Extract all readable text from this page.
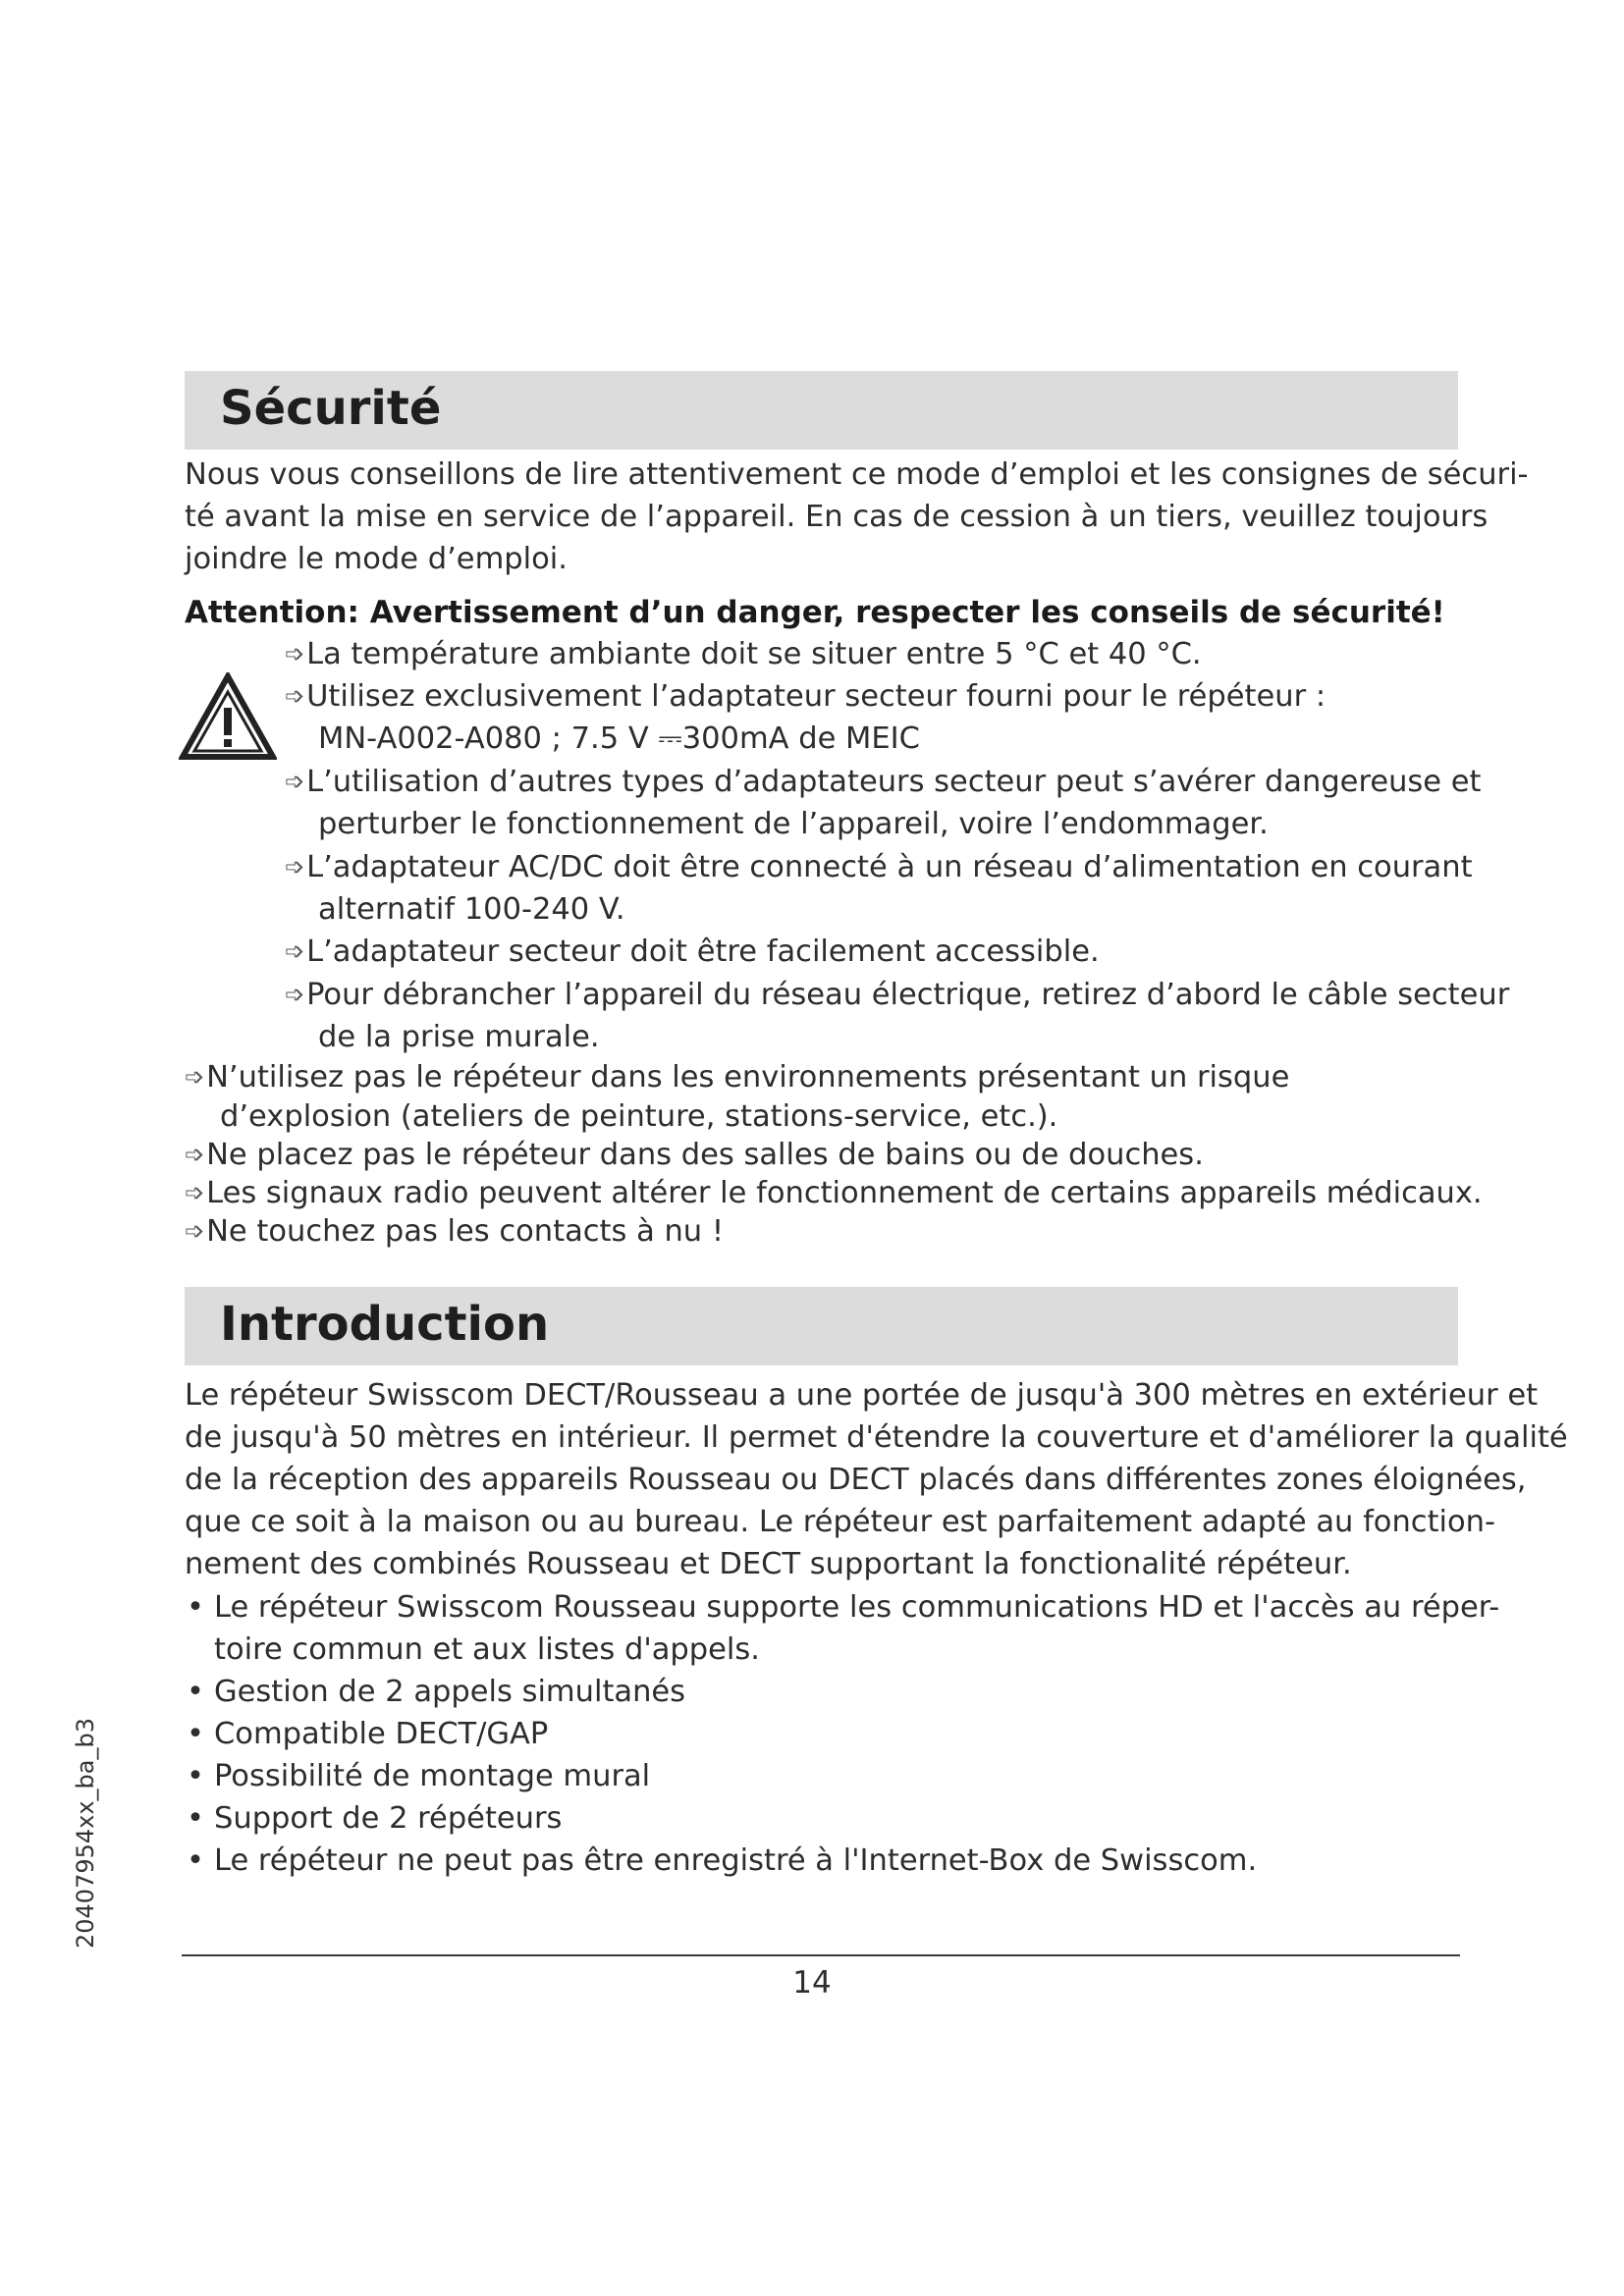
Sécurité

Nous vous conseillons de lire attentivement ce mode d’emploi et les consignes de sécuri-

té avant la mise en service de l’appareil. En cas de cession à un tiers, veuillez toujours

joindre le mode d’emploi.

Attention: Avertissement d’un danger, respecter les conseils de sécurité!
➩La température ambiante doit se situer entre 5 °C et 40 °C.
➩Utilisez exclusivement l’adaptateur secteur fourni pour le répéteur :
MN-A002-A080 ; 7.5 V ⎓300mA de MEIC
➩L’utilisation d’autres types d’adaptateurs secteur peut s’avérer dangereuse et
perturber le fonctionnement de l’appareil, voire l’endommager.
➩L’adaptateur AC/DC doit être connecté à un réseau d’alimentation en courant
alternatif 100-240 V.
➩L’adaptateur secteur doit être facilement accessible.
➩Pour débrancher l’appareil du réseau électrique, retirez d’abord le câble secteur
de la prise murale.
➩N’utilisez pas le répéteur dans les environnements présentant un risque
d’explosion (ateliers de peinture, stations-service, etc.).
➩Ne placez pas le répéteur dans des salles de bains ou de douches.
➩Les signaux radio peuvent altérer le fonctionnement de certains appareils médicaux.
➩Ne touchez pas les contacts à nu !
Introduction

Le répéteur Swisscom DECT/Rousseau a une portée de jusqu'à 300 mètres en extérieur et

de jusqu'à 50 mètres en intérieur. Il permet d'étendre la couverture et d'améliorer la qualité

de la réception des appareils Rousseau ou DECT placés dans différentes zones éloignées,

que ce soit à la maison ou au bureau. Le répéteur est parfaitement adapté au fonction-

nement des combinés Rousseau et DECT supportant la fonctionalité répéteur.

• Le répéteur Swisscom Rousseau supporte les communications HD et l'accès au réper-
toire commun et aux listes d'appels.
• Gestion de 2 appels simultanés
• Compatible DECT/GAP
• Possibilité de montage mural
• Support de 2 répéteurs
• Le répéteur ne peut pas être enregistré à l'Internet-Box de Swisscom.
20407954xx_ba_b3
14
